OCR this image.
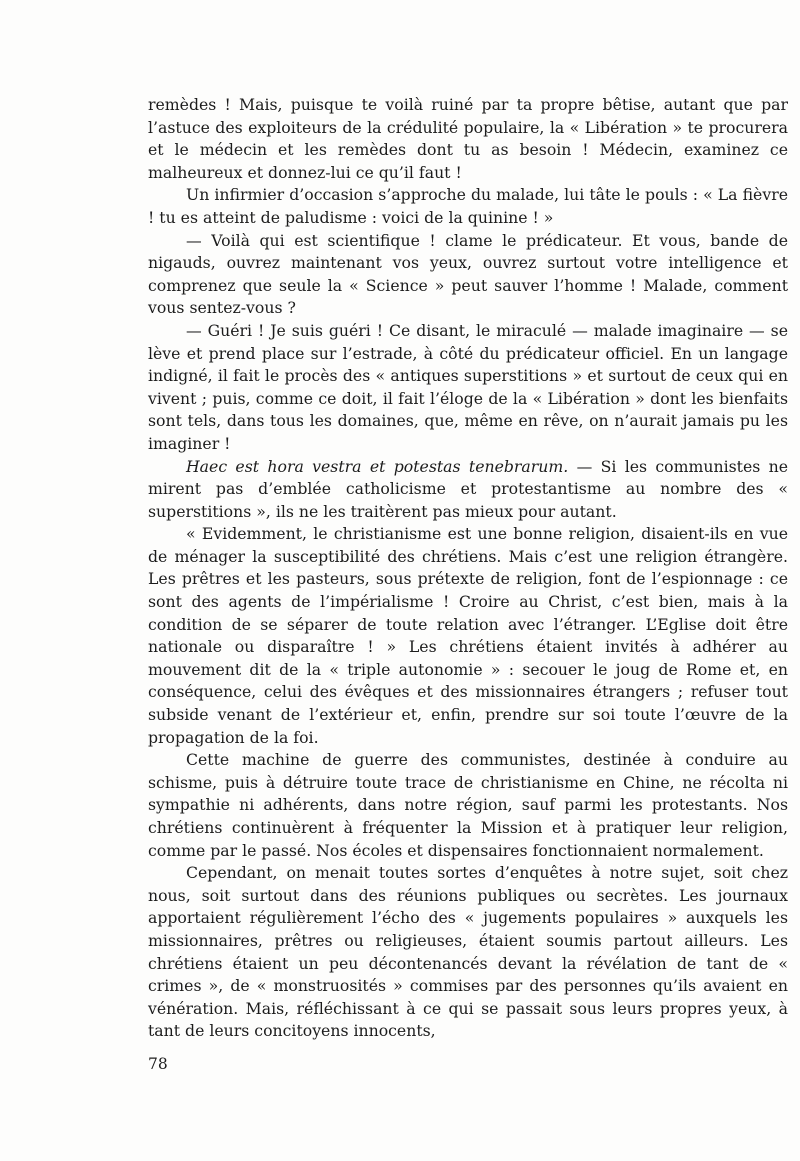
remèdes ! Mais, puisque te voilà ruiné par ta propre bêtise, autant que par l’astuce des exploiteurs de la crédulité populaire, la « Libération » te procurera et le médecin et les remèdes dont tu as besoin ! Médecin, examinez ce malheureux et donnez-lui ce qu’il faut !

Un infirmier d’occasion s’approche du malade, lui tâte le pouls : « La fièvre ! tu es atteint de paludisme : voici de la quinine ! »

— Voilà qui est scientifique ! clame le prédicateur. Et vous, bande de nigauds, ouvrez maintenant vos yeux, ouvrez surtout votre intelligence et comprenez que seule la « Science » peut sauver l’homme ! Malade, comment vous sentez-vous ?

— Guéri ! Je suis guéri ! Ce disant, le miraculé — malade imaginaire — se lève et prend place sur l’estrade, à côté du prédicateur officiel. En un langage indigné, il fait le procès des « antiques superstitions » et surtout de ceux qui en vivent ; puis, comme ce doit, il fait l’éloge de la « Libération » dont les bienfaits sont tels, dans tous les domaines, que, même en rêve, on n’aurait jamais pu les imaginer !

Haec est hora vestra et potestas tenebrarum. — Si les communistes ne mirent pas d’emblée catholicisme et protestantisme au nombre des « superstitions », ils ne les traitèrent pas mieux pour autant.

« Evidemment, le christianisme est une bonne religion, disaient-ils en vue de ménager la susceptibilité des chrétiens. Mais c’est une religion étrangère. Les prêtres et les pasteurs, sous prétexte de religion, font de l’espionnage : ce sont des agents de l’impérialisme ! Croire au Christ, c’est bien, mais à la condition de se séparer de toute relation avec l’étranger. L’Eglise doit être nationale ou disparaître ! » Les chrétiens étaient invités à adhérer au mouvement dit de la « triple autonomie » : secouer le joug de Rome et, en conséquence, celui des évêques et des missionnaires étrangers ; refuser tout subside venant de l’extérieur et, enfin, prendre sur soi toute l’œuvre de la propagation de la foi.

Cette machine de guerre des communistes, destinée à conduire au schisme, puis à détruire toute trace de christianisme en Chine, ne récolta ni sympathie ni adhérents, dans notre région, sauf parmi les protestants. Nos chrétiens continuèrent à fréquenter la Mission et à pratiquer leur religion, comme par le passé. Nos écoles et dispensaires fonctionnaient normalement.

Cependant, on menait toutes sortes d’enquêtes à notre sujet, soit chez nous, soit surtout dans des réunions publiques ou secrètes. Les journaux apportaient régulièrement l’écho des « jugements populaires » auxquels les missionnaires, prêtres ou religieuses, étaient soumis partout ailleurs. Les chrétiens étaient un peu décontenancés devant la révélation de tant de « crimes », de « monstruosités » commises par des personnes qu’ils avaient en vénération. Mais, réfléchissant à ce qui se passait sous leurs propres yeux, à tant de leurs concitoyens innocents,

78
